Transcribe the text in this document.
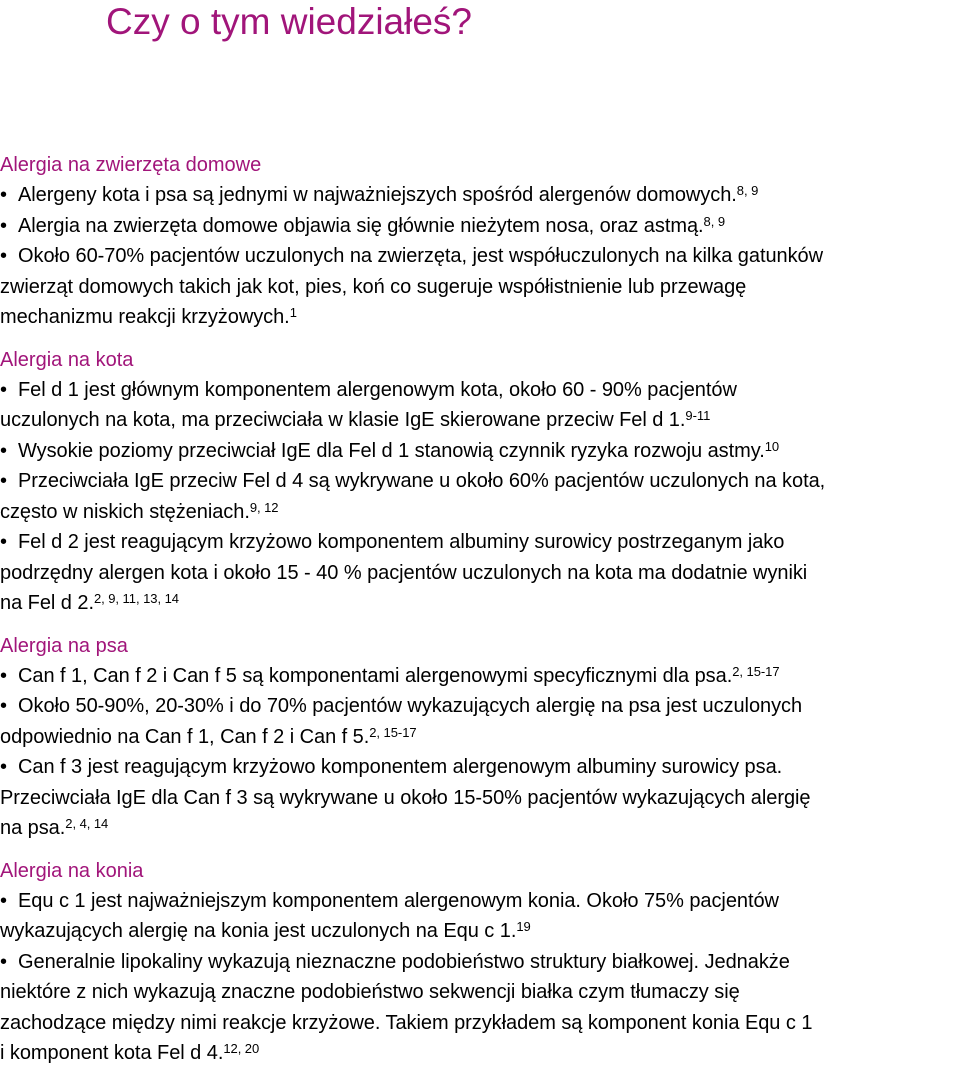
Czy o tym wiedziałeś?
Alergia na zwierzęta domowe
•
Alergeny kota i psa są jednymi w najważniejszych spośród alergenów domowych.$^{8, 9}$
•
Alergia na zwierzęta domowe objawia się głównie nieżytem nosa, oraz astmą.$^{8, 9}$
•
Około 60-70% pacjentów uczulonych na zwierzęta, jest współuczulonych na kilka gatunków
zwierząt domowych takich jak kot, pies, koń co sugeruje współistnienie lub przewagę
mechanizmu reakcji krzyżowych.$^1$
Alergia na kota
•
Fel d 1 jest głównym komponentem alergenowym kota, około 60 - 90% pacjentów
uczulonych na kota, ma przeciwciała w klasie IgE skierowane przeciw Fel d 1.$^{9-11}$
•
Wysokie poziomy przeciwciał IgE dla Fel d 1 stanowią czynnik ryzyka rozwoju astmy.$^{10}$
•
Przeciwciała IgE przeciw Fel d 4 są wykrywane u około 60% pacjentów uczulonych na kota,
często w niskich stężeniach.$^{9, 12}$
•
Fel d 2 jest reagującym krzyżowo komponentem albuminy surowicy postrzeganym jako
podrzędny alergen kota i około 15 - 40 % pacjentów uczulonych na kota ma dodatnie wyniki
na Fel d 2.$^{2, 9, 11, 13, 14}$
Alergia na psa
•
Can f 1, Can f 2 i Can f 5 są komponentami alergenowymi specyficznymi dla psa.$^{2, 15-17}$
•
Około 50-90%, 20-30% i do 70% pacjentów wykazujących alergię na psa jest uczulonych
odpowiednio na Can f 1, Can f 2 i Can f 5.$^{2, 15-17}$
•
Can f 3 jest reagującym krzyżowo komponentem alergenowym albuminy surowicy psa.
Przeciwciała IgE dla Can f 3 są wykrywane u około 15-50% pacjentów wykazujących alergię
na psa.$^{2, 4, 14}$
Alergia na konia
•
Equ c 1 jest najważniejszym komponentem alergenowym konia. Około 75% pacjentów
wykazujących alergię na konia jest uczulonych na Equ c 1.19
•
Generalnie lipokaliny wykazują nieznaczne podobieństwo struktury białkowej. Jednakże
niektóre z nich wykazują znaczne podobieństwo sekwencji białka czym tłumaczy się
zachodzące między nimi reakcje krzyżowe. Takiem przykładem są komponent konia Equ c 1
i komponent kota Fel d 4.$^{12, 20}$
